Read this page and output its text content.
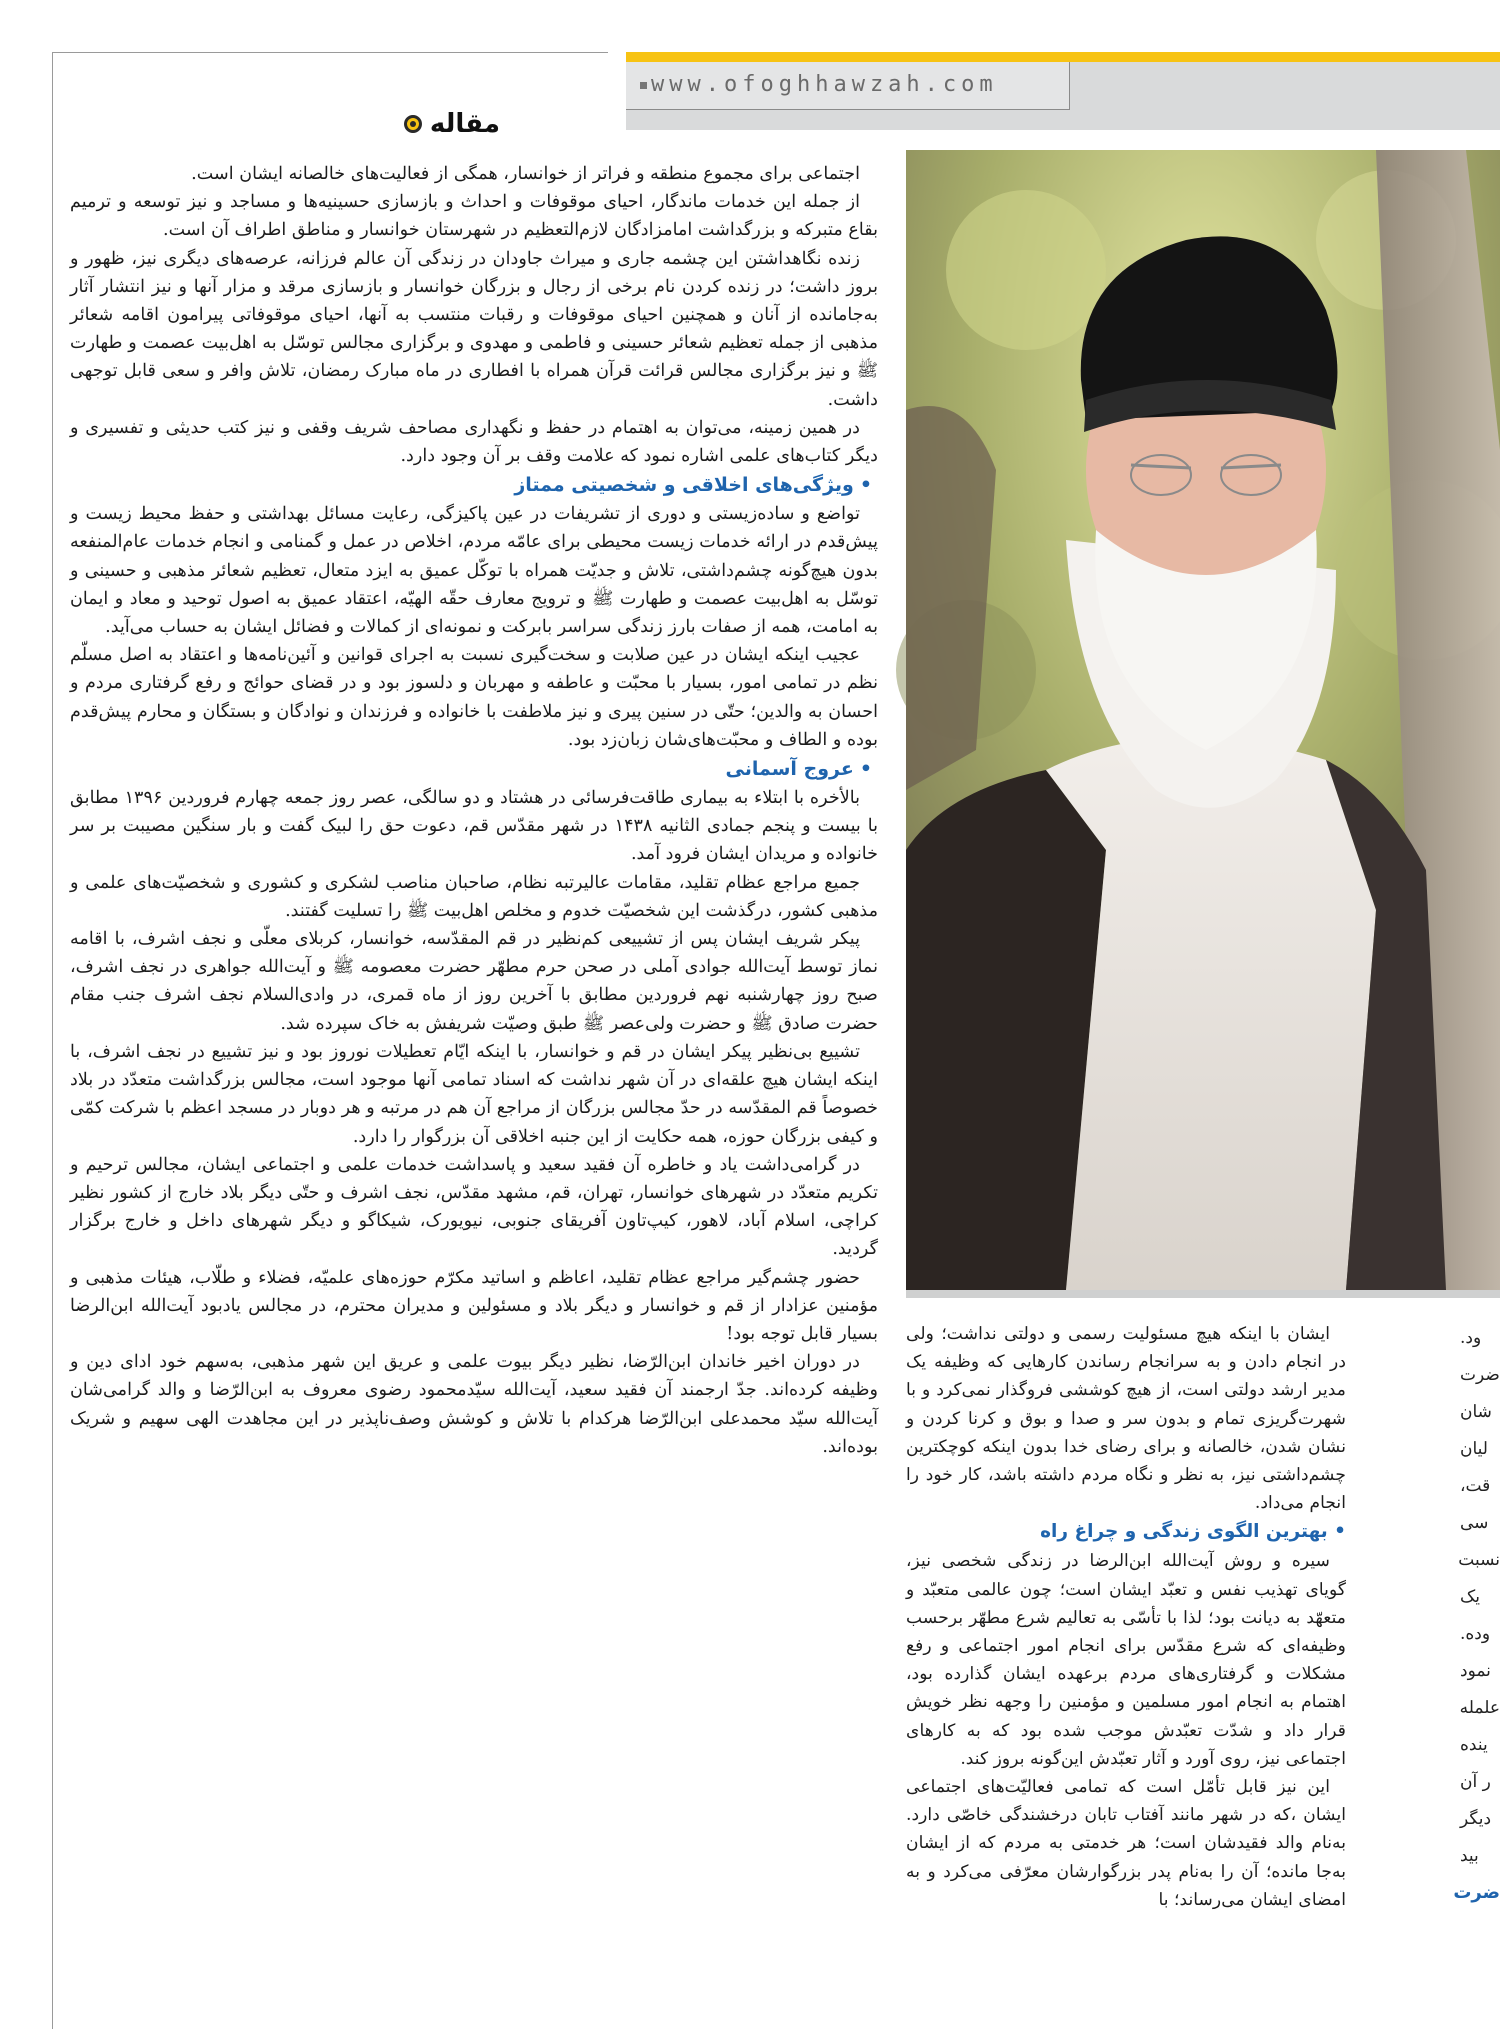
www.ofoghhawzah.com
مقاله

اجتماعی برای مجموع منطقه و فراتر از خوانسار، همگی از فعالیت‌های خالصانه ایشان است.

از جمله این خدمات ماندگار، احیای موقوفات و احداث و بازسازی حسینیه‌ها و مساجد و نیز توسعه و ترمیم بقاع متبرکه و بزرگداشت امامزادگان لازم‌التعظیم در شهرستان خوانسار و مناطق اطراف آن است.

زنده نگاهداشتن این چشمه جاری و میراث جاودان در زندگی آن عالم فرزانه، عرصه‌های دیگری نیز، ظهور و بروز داشت؛ در زنده کردن نام برخی از رجال و بزرگان خوانسار و بازسازی مرقد و مزار آنها و نیز انتشار آثار به‌جامانده از آنان و همچنین احیای موقوفات و رقبات منتسب به آنها، احیای موقوفاتی پیرامون اقامه شعائر مذهبی از جمله تعظیم شعائر حسینی و فاطمی و مهدوی و برگزاری مجالس توسّل به اهل‌بیت عصمت و طهارت ﷺ و نیز برگزاری مجالس قرائت قرآن همراه با افطاری در ماه مبارک رمضان، تلاش وافر و سعی قابل توجهی داشت.

در همین زمینه، می‌توان به اهتمام در حفظ و نگهداری مصاحف شریف وقفی و نیز کتب حدیثی و تفسیری و دیگر کتاب‌های علمی اشاره نمود که علامت وقف بر آن وجود دارد.

•ویژگی‌های اخلاقی و شخصیتی ممتاز

تواضع و ساده‌زیستی و دوری از تشریفات در عین پاکیزگی، رعایت مسائل بهداشتی و حفظ محیط زیست و پیش‌قدم در ارائه خدمات زیست محیطی برای عامّه مردم، اخلاص در عمل و گمنامی و انجام خدمات عام‌المنفعه بدون هیچ‌گونه چشم‌داشتی، تلاش و جدیّت همراه با توکّل عمیق به ایزد متعال، تعظیم شعائر مذهبی و حسینی و توسّل به اهل‌بیت عصمت و طهارت ﷺ و ترویج معارف حقّه الهیّه، اعتقاد عمیق به اصول توحید و معاد و ایمان به امامت، همه از صفات بارز زندگی سراسر بابرکت و نمونه‌ای از کمالات و فضائل ایشان به حساب می‌آید.

عجیب اینکه ایشان در عین صلابت و سخت‌گیری نسبت به اجرای قوانین و آئین‌نامه‌ها و اعتقاد به اصل مسلّم نظم در تمامی امور، بسیار با محبّت و عاطفه و مهربان و دلسوز بود و در قضای حوائج و رفع گرفتاری مردم و احسان به والدین؛ حتّی در سنین پیری و نیز ملاطفت با خانواده و فرزندان و نوادگان و بستگان و محارم پیش‌قدم بوده و الطاف و محبّت‌های‌شان زبان‌زد بود.

•عروج آسمانی

بالأخره با ابتلاء به بیماری طاقت‌فرسائی در هشتاد و دو سالگی، عصر روز جمعه چهارم فروردین ۱۳۹۶ مطابق با بیست و پنجم جمادی الثانیه ۱۴۳۸ در شهر مقدّس قم، دعوت حق را لبیک گفت و بار سنگین مصیبت بر سر خانواده و مریدان ایشان فرود آمد.

جمیع مراجع عظام تقلید، مقامات عالیرتبه نظام، صاحبان مناصب لشکری و کشوری و شخصیّت‌های علمی و مذهبی کشور، درگذشت این شخصیّت خدوم و مخلص اهل‌بیت ﷺ را تسلیت گفتند.

پیکر شریف ایشان پس از تشییعی کم‌نظیر در قم المقدّسه، خوانسار، کربلای معلّی و نجف اشرف، با اقامه نماز توسط آیت‌الله جوادی آملی در صحن حرم مطهّر حضرت معصومه ﷺ و آیت‌الله جواهری در نجف اشرف، صبح روز چهارشنبه نهم فروردین مطابق با آخرین روز از ماه قمری، در وادی‌السلام نجف اشرف جنب مقام حضرت صادق ﷺ و حضرت ولی‌عصر ﷺ طبق وصیّت شریفش به خاک سپرده شد.

تشییع بی‌نظیر پیکر ایشان در قم و خوانسار، با اینکه ایّام تعطیلات نوروز بود و نیز تشییع در نجف اشرف، با اینکه ایشان هیچ علقه‌ای در آن شهر نداشت که اسناد تمامی آنها موجود است، مجالس بزرگداشت متعدّد در بلاد خصوصاً قم المقدّسه در حدّ مجالس بزرگان از مراجع آن هم در مرتبه و هر دوبار در مسجد اعظم با شرکت کمّی و کیفی بزرگان حوزه، همه حکایت از این جنبه اخلاقی آن بزرگوار را دارد.

در گرامی‌داشت یاد و خاطره آن فقید سعید و پاسداشت خدمات علمی و اجتماعی ایشان، مجالس ترحیم و تکریم متعدّد در شهرهای خوانسار، تهران، قم، مشهد مقدّس، نجف اشرف و حتّی دیگر بلاد خارج از کشور نظیر کراچی، اسلام آباد، لاهور، کیپ‌تاون آفریقای جنوبی، نیویورک، شیکاگو و دیگر شهرهای داخل و خارج برگزار گردید.

حضور چشم‌گیر مراجع عظام تقلید، اعاظم و اساتید مکرّم حوزه‌های علمیّه، فضلاء و طلّاب، هیئات مذهبی و مؤمنین عزادار از قم و خوانسار و دیگر بلاد و مسئولین و مدیران محترم، در مجالس یادبود آیت‌الله ابن‌الرضا بسیار قابل توجه بود!

در دوران اخیر خاندان ابن‌الرّضا، نظیر دیگر بیوت علمی و عریق این شهر مذهبی، به‌سهم خود ادای دین و وظیفه کرده‌اند. جدّ ارجمند آن فقید سعید، آیت‌الله سیّدمحمود رضوی معروف به ابن‌الرّضا و والد گرامی‌شان آیت‌الله سیّد محمدعلی ابن‌الرّضا هرکدام با تلاش و کوشش وصف‌ناپذیر در این مجاهدت الهی سهیم و شریک بوده‌اند.

ایشان با اینکه هیچ مسئولیت رسمی و دولتی نداشت؛ ولی در انجام دادن و به سرانجام رساندن کارهایی که وظیفه یک مدیر ارشد دولتی است، از هیچ کوششی فروگذار نمی‌کرد و با شهرت‌گریزی تمام و بدون سر و صدا و بوق و کرنا کردن و نشان شدن، خالصانه و برای رضای خدا بدون اینکه کوچکترین چشم‌داشتی نیز، به نظر و نگاه مردم داشته باشد، کار خود را انجام می‌داد.

• بهترین الگوی زندگی و چراغ راه

سیره و روش آیت‌الله ابن‌الرضا در زندگی شخصی نیز، گویای تهذیب نفس و تعبّد ایشان است؛ چون عالمی متعبّد و متعهّد به دیانت بود؛ لذا با تأسّی به تعالیم شرع مطهّر برحسب وظیفه‌ای که شرع مقدّس برای انجام امور اجتماعی و رفع مشکلات و گرفتاری‌های مردم برعهده ایشان گذارده بود، اهتمام به انجام امور مسلمین و مؤمنین را وجهه نظر خویش قرار داد و شدّت تعبّدش موجب شده بود که به کارهای اجتماعی نیز، روی آورد و آثار تعبّدش این‌گونه بروز کند.

این نیز قابل تأمّل است که تمامی فعالیّت‌های اجتماعی ایشان ،که در شهر مانند آفتاب تابان درخشندگی خاصّی دارد. به‌نام والد فقیدشان است؛ هر خدمتی به مردم که از ایشان به‌جا مانده؛ آن را به‌نام پدر بزرگوارشان معرّفی می‌کرد و به امضای ایشان می‌رساند؛ با

ود.
ضرت
شان
لیان
قت،
سی
نسبت
یک
وده.
نمود
علمله
ینده
ر آن
دیگر
بید
ضرت
